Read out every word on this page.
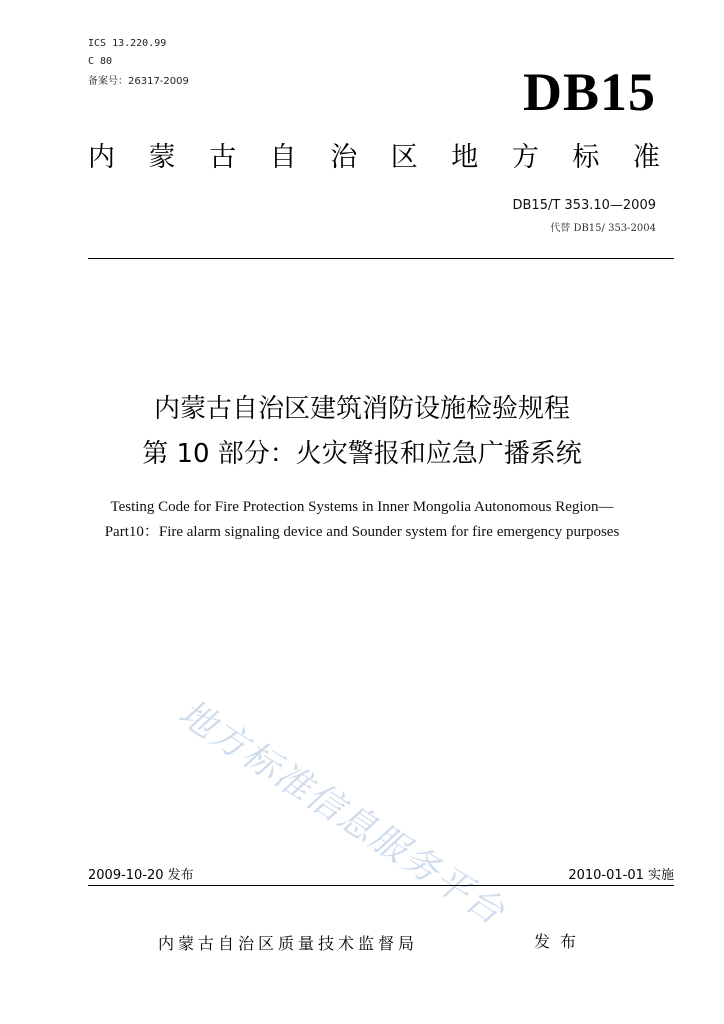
ICS 13.220.99
C 80
备案号：26317-2009	DB15
内 蒙 古 自 治 区 地 方 标 准
DB15/T 353.10—2009
代替 DB15/ 353-2004
内蒙古自治区建筑消防设施检验规程
第 10 部分：火灾警报和应急广播系统
Testing Code for Fire Protection Systems in Inner Mongolia Autonomous Region—
Part10：Fire alarm signaling device and Sounder system for fire emergency purposes
地方标准信息服务平台
2009-10-20 发布	2010-01-01 实施
内蒙古自治区质量技术监督局	发布
